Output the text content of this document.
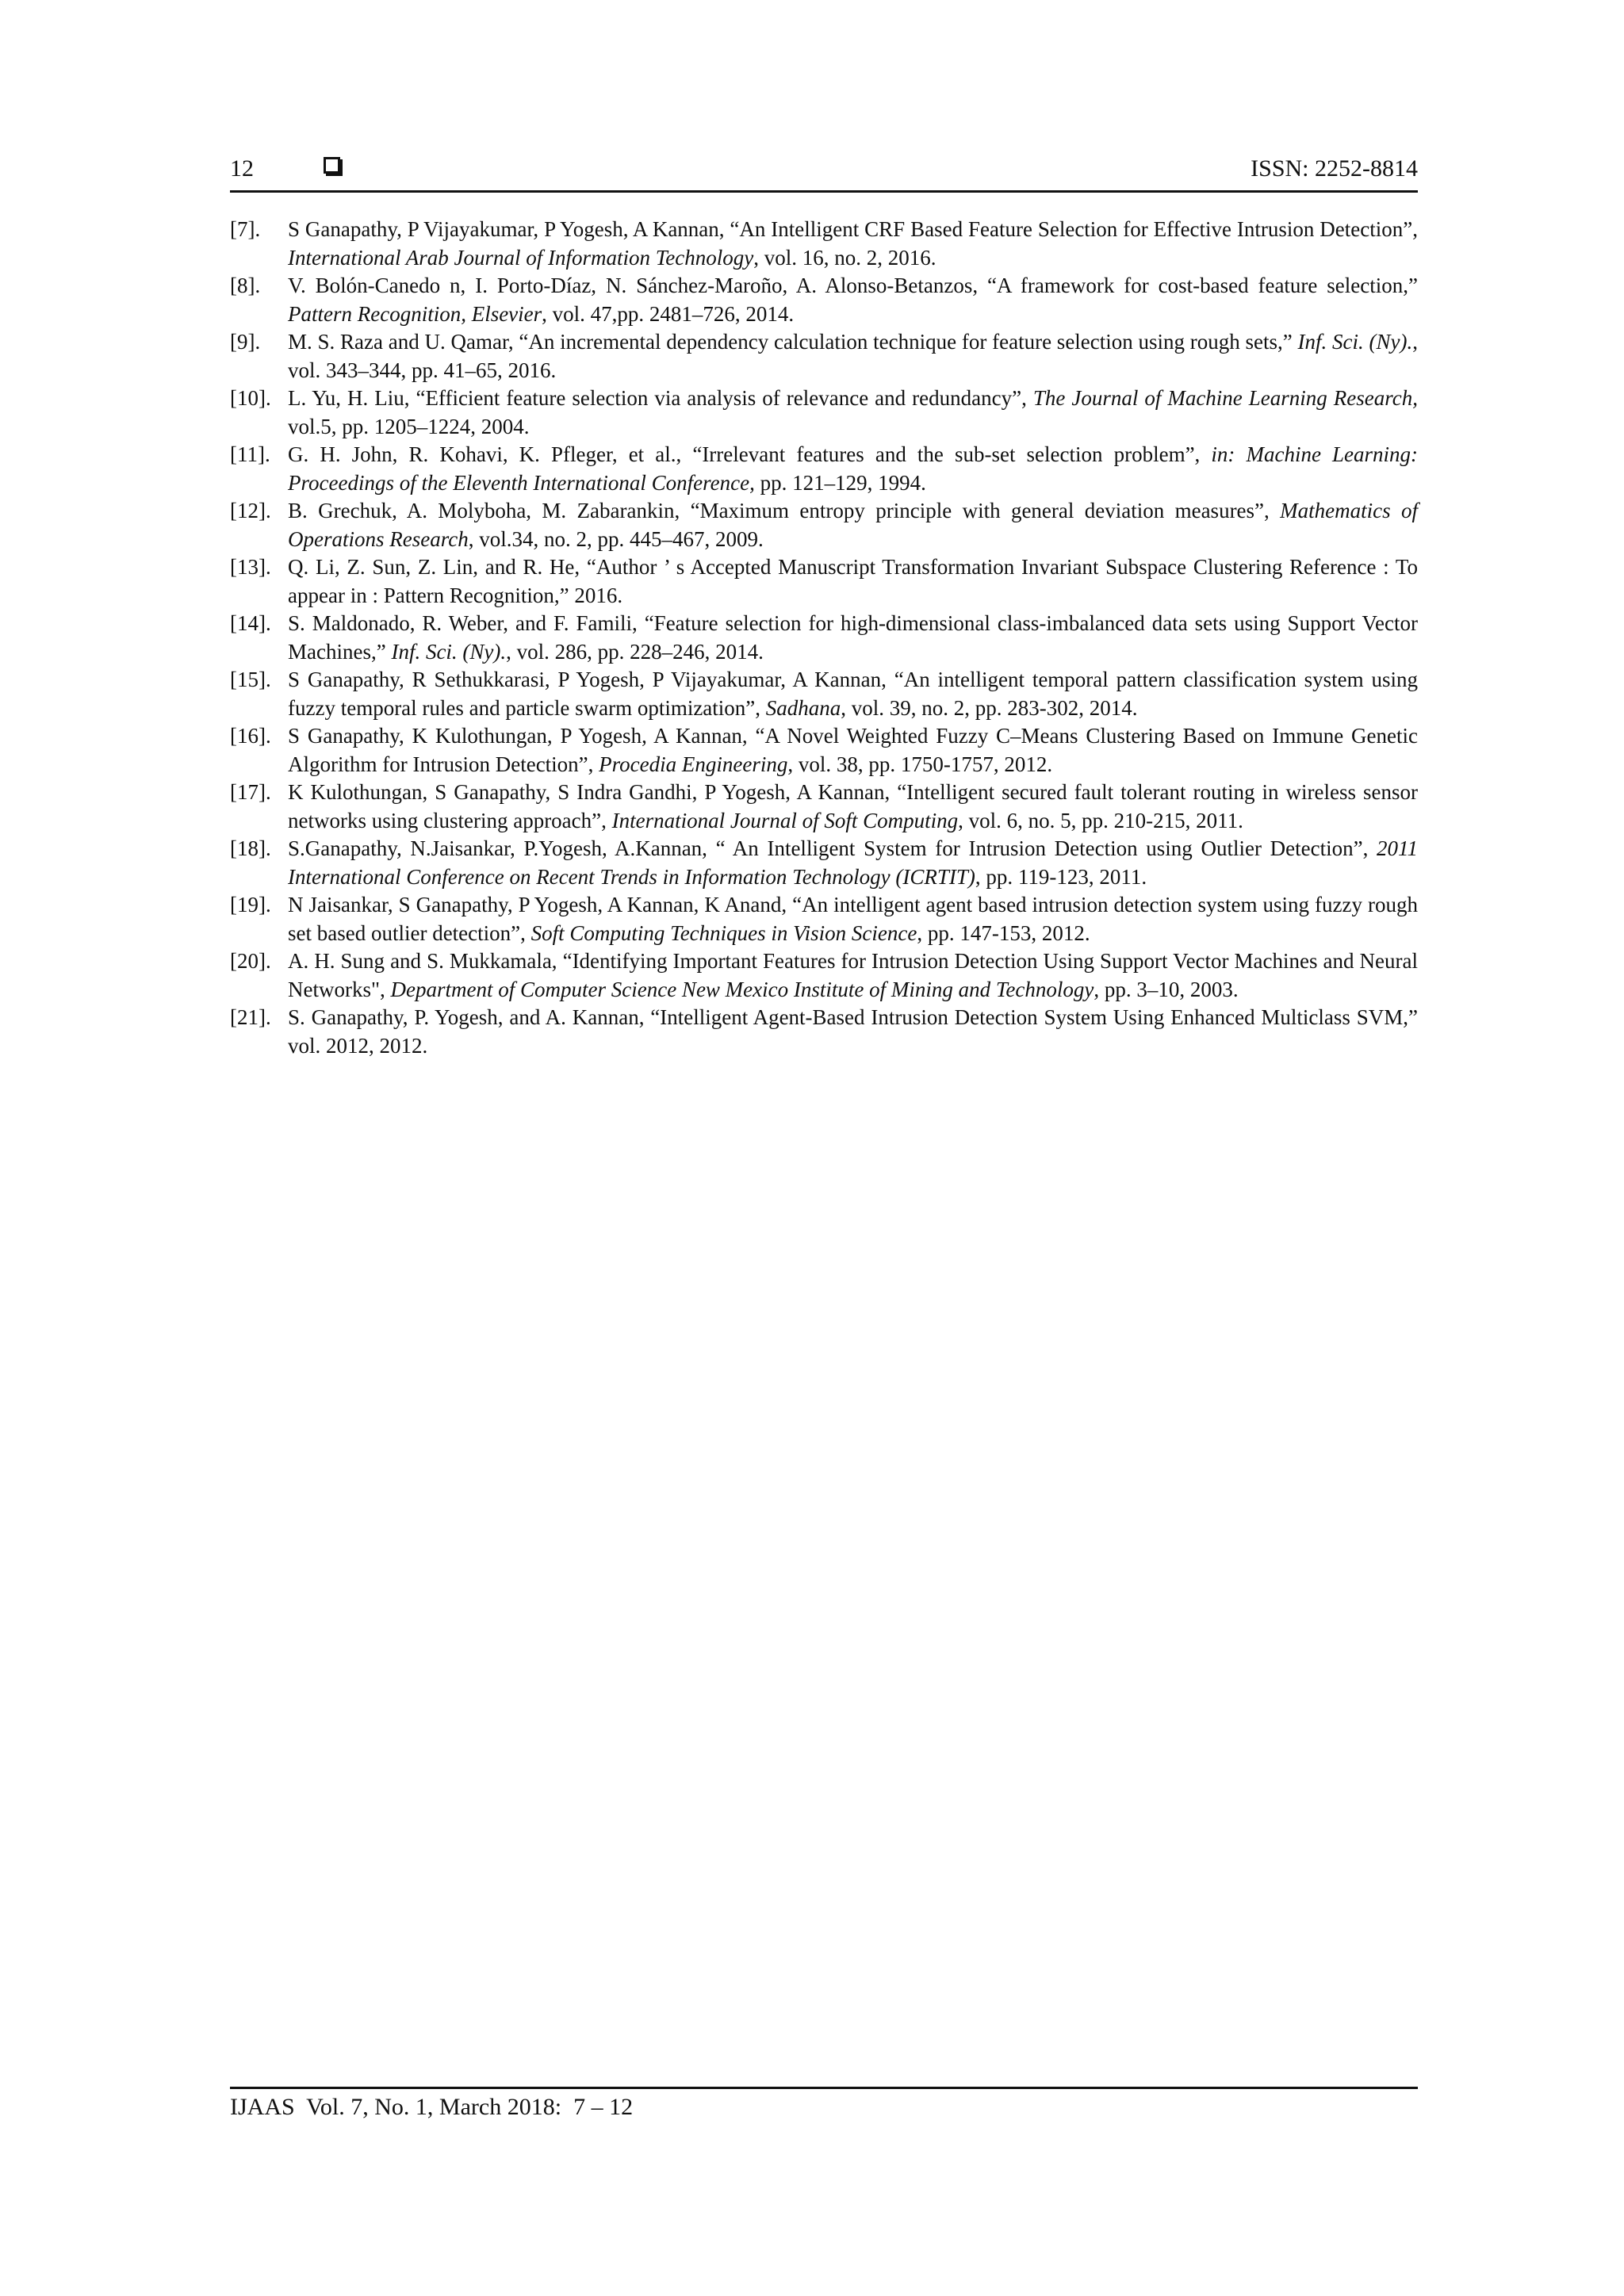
12	ISSN: 2252-8814
[7]. S Ganapathy, P Vijayakumar, P Yogesh, A Kannan, “An Intelligent CRF Based Feature Selection for Effective Intrusion Detection”, International Arab Journal of Information Technology, vol. 16, no. 2, 2016.
[8]. V. Bolón-Canedo n, I. Porto-Díaz, N. Sánchez-Maroño, A. Alonso-Betanzos, “A framework for cost-based feature selection,” Pattern Recognition, Elsevier, vol. 47,pp. 2481–726, 2014.
[9]. M. S. Raza and U. Qamar, “An incremental dependency calculation technique for feature selection using rough sets,” Inf. Sci. (Ny)., vol. 343–344, pp. 41–65, 2016.
[10]. L. Yu, H. Liu, “Efficient feature selection via analysis of relevance and redundancy”, The Journal of Machine Learning Research, vol.5, pp. 1205–1224, 2004.
[11]. G. H. John, R. Kohavi, K. Pfleger, et al., “Irrelevant features and the sub-set selection problem”, in: Machine Learning: Proceedings of the Eleventh International Conference, pp. 121–129, 1994.
[12]. B. Grechuk, A. Molyboha, M. Zabarankin, “Maximum entropy principle with general deviation measures”, Mathematics of Operations Research, vol.34, no. 2, pp. 445–467, 2009.
[13]. Q. Li, Z. Sun, Z. Lin, and R. He, “Author ’ s Accepted Manuscript Transformation Invariant Subspace Clustering Reference : To appear in : Pattern Recognition,” 2016.
[14]. S. Maldonado, R. Weber, and F. Famili, “Feature selection for high-dimensional class-imbalanced data sets using Support Vector Machines,” Inf. Sci. (Ny)., vol. 286, pp. 228–246, 2014.
[15]. S Ganapathy, R Sethukkarasi, P Yogesh, P Vijayakumar, A Kannan, “An intelligent temporal pattern classification system using fuzzy temporal rules and particle swarm optimization”, Sadhana, vol. 39, no. 2, pp. 283-302, 2014.
[16]. S Ganapathy, K Kulothungan, P Yogesh, A Kannan, “A Novel Weighted Fuzzy C–Means Clustering Based on Immune Genetic Algorithm for Intrusion Detection”, Procedia Engineering, vol. 38, pp. 1750-1757, 2012.
[17]. K Kulothungan, S Ganapathy, S Indra Gandhi, P Yogesh, A Kannan, “Intelligent secured fault tolerant routing in wireless sensor networks using clustering approach”, International Journal of Soft Computing, vol. 6, no. 5, pp. 210-215, 2011.
[18]. S.Ganapathy, N.Jaisankar, P.Yogesh, A.Kannan, “ An Intelligent System for Intrusion Detection using Outlier Detection”, 2011 International Conference on Recent Trends in Information Technology (ICRTIT), pp. 119-123, 2011.
[19]. N Jaisankar, S Ganapathy, P Yogesh, A Kannan, K Anand, “An intelligent agent based intrusion detection system using fuzzy rough set based outlier detection”, Soft Computing Techniques in Vision Science, pp. 147-153, 2012.
[20]. A. H. Sung and S. Mukkamala, “Identifying Important Features for Intrusion Detection Using Support Vector Machines and Neural Networks", Department of Computer Science New Mexico Institute of Mining and Technology, pp. 3–10, 2003.
[21]. S. Ganapathy, P. Yogesh, and A. Kannan, “Intelligent Agent-Based Intrusion Detection System Using Enhanced Multiclass SVM,” vol. 2012, 2012.
IJAAS  Vol. 7, No. 1, March 2018:  7 – 12
